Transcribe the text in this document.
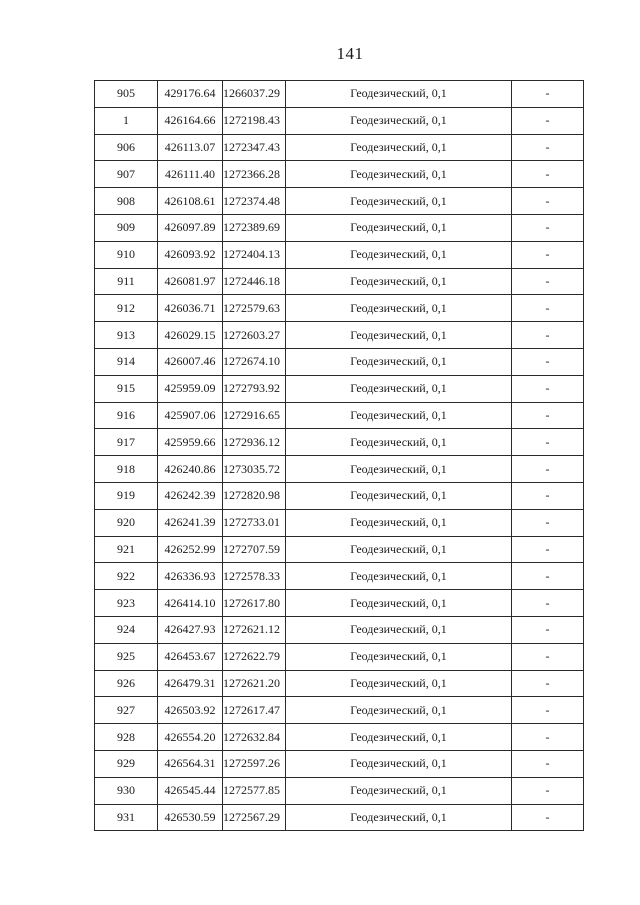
141
905	429176.64	1266037.29	Геодезический, 0,1	-
1	426164.66	1272198.43	Геодезический, 0,1	-
906	426113.07	1272347.43	Геодезический, 0,1	-
907	426111.40	1272366.28	Геодезический, 0,1	-
908	426108.61	1272374.48	Геодезический, 0,1	-
909	426097.89	1272389.69	Геодезический, 0,1	-
910	426093.92	1272404.13	Геодезический, 0,1	-
911	426081.97	1272446.18	Геодезический, 0,1	-
912	426036.71	1272579.63	Геодезический, 0,1	-
913	426029.15	1272603.27	Геодезический, 0,1	-
914	426007.46	1272674.10	Геодезический, 0,1	-
915	425959.09	1272793.92	Геодезический, 0,1	-
916	425907.06	1272916.65	Геодезический, 0,1	-
917	425959.66	1272936.12	Геодезический, 0,1	-
918	426240.86	1273035.72	Геодезический, 0,1	-
919	426242.39	1272820.98	Геодезический, 0,1	-
920	426241.39	1272733.01	Геодезический, 0,1	-
921	426252.99	1272707.59	Геодезический, 0,1	-
922	426336.93	1272578.33	Геодезический, 0,1	-
923	426414.10	1272617.80	Геодезический, 0,1	-
924	426427.93	1272621.12	Геодезический, 0,1	-
925	426453.67	1272622.79	Геодезический, 0,1	-
926	426479.31	1272621.20	Геодезический, 0,1	-
927	426503.92	1272617.47	Геодезический, 0,1	-
928	426554.20	1272632.84	Геодезический, 0,1	-
929	426564.31	1272597.26	Геодезический, 0,1	-
930	426545.44	1272577.85	Геодезический, 0,1	-
931	426530.59	1272567.29	Геодезический, 0,1	-
